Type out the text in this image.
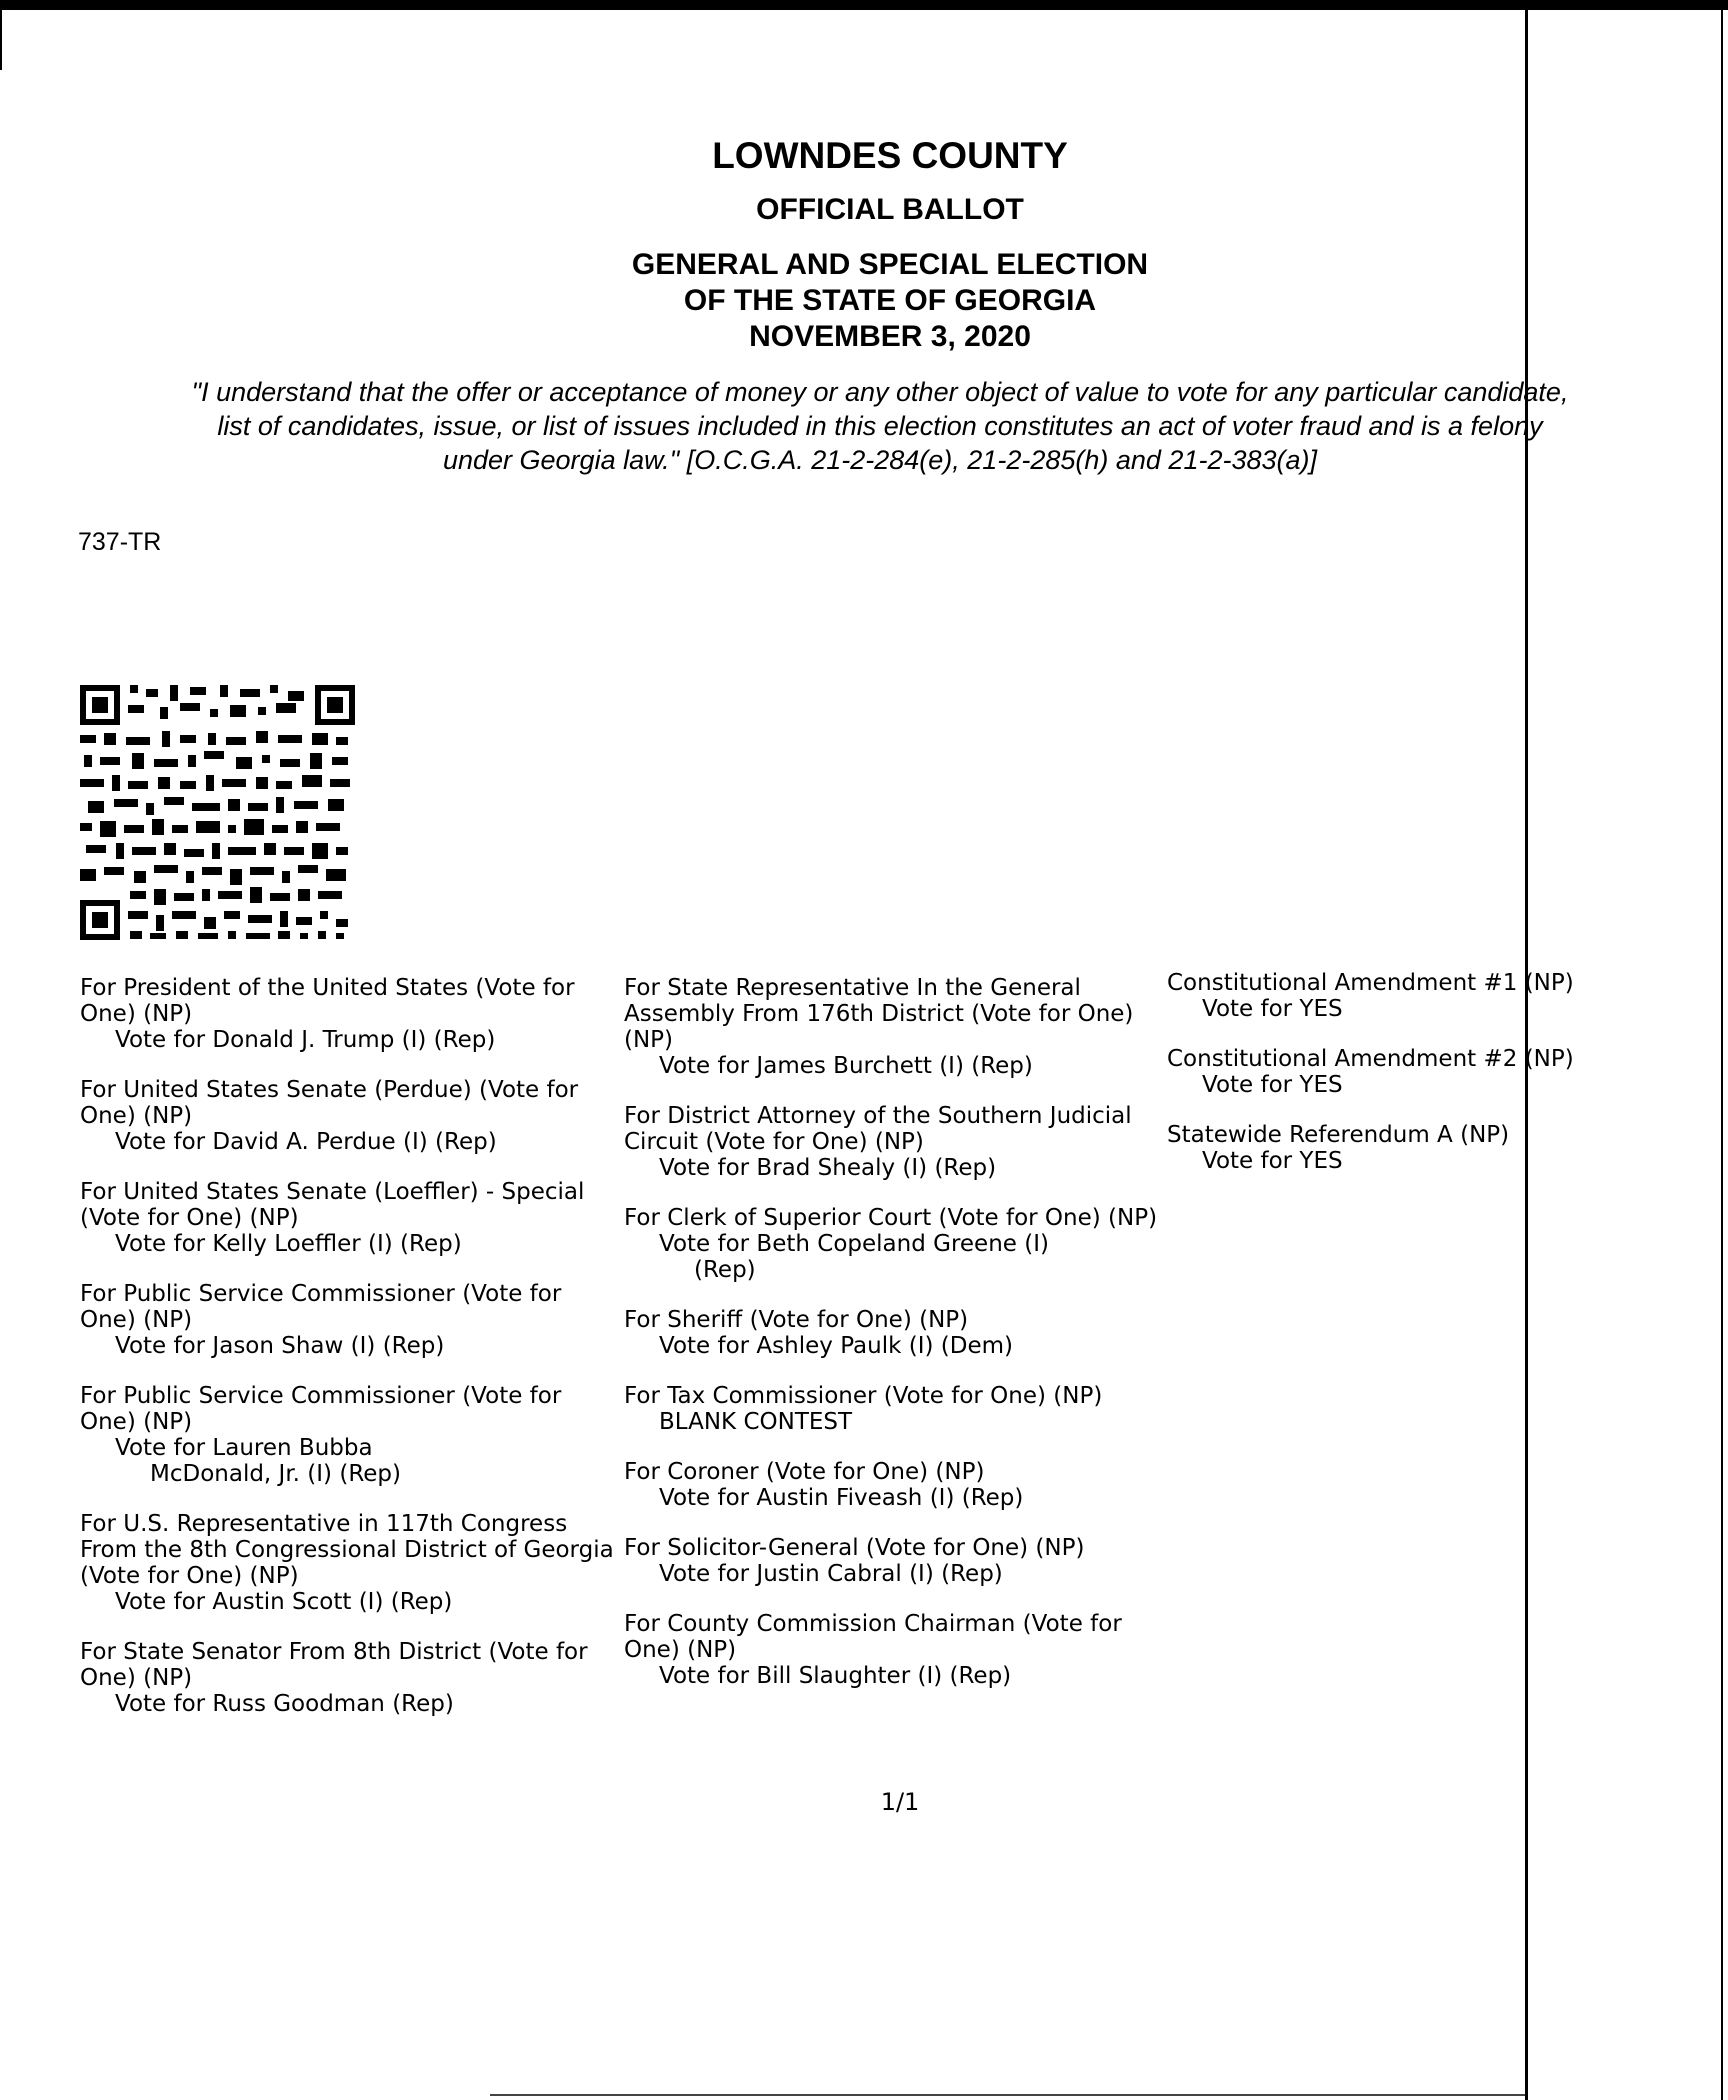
LOWNDES COUNTY
OFFICIAL BALLOT
GENERAL AND SPECIAL ELECTION
OF THE STATE OF GEORGIA
NOVEMBER 3, 2020
"I understand that the offer or acceptance of money or any other object of value to vote for any particular candidate,
list of candidates, issue, or list of issues included in this election constitutes an act of voter fraud and is a felony
under Georgia law." [O.C.G.A. 21-2-284(e), 21-2-285(h) and 21-2-383(a)]
737-TR
For President of the United States (Vote for One) (NP)
Vote for Donald J. Trump (I) (Rep)
For United States Senate (Perdue) (Vote for One) (NP)
Vote for David A. Perdue (I) (Rep)
For United States Senate (Loeffler) - Special (Vote for One) (NP)
Vote for Kelly Loeffler (I) (Rep)
For Public Service Commissioner (Vote for One) (NP)
Vote for Jason Shaw (I) (Rep)
For Public Service Commissioner (Vote for One) (NP)
Vote for Lauren Bubba
McDonald, Jr. (I) (Rep)
For U.S. Representative in 117th Congress From the 8th Congressional District of Georgia (Vote for One) (NP)
Vote for Austin Scott (I) (Rep)
For State Senator From 8th District (Vote for One) (NP)
Vote for Russ Goodman (Rep)
For State Representative In the General Assembly From 176th District (Vote for One) (NP)
Vote for James Burchett (I) (Rep)
For District Attorney of the Southern Judicial Circuit (Vote for One) (NP)
Vote for Brad Shealy (I) (Rep)
For Clerk of Superior Court (Vote for One) (NP)
Vote for Beth Copeland Greene (I)
(Rep)
For Sheriff (Vote for One) (NP)
Vote for Ashley Paulk (I) (Dem)
For Tax Commissioner (Vote for One) (NP)
BLANK CONTEST
For Coroner (Vote for One) (NP)
Vote for Austin Fiveash (I) (Rep)
For Solicitor-General (Vote for One) (NP)
Vote for Justin Cabral (I) (Rep)
For County Commission Chairman (Vote for One) (NP)
Vote for Bill Slaughter (I) (Rep)
Constitutional Amendment #1 (NP)
Vote for YES
Constitutional Amendment #2 (NP)
Vote for YES
Statewide Referendum A (NP)
Vote for YES
1/1
